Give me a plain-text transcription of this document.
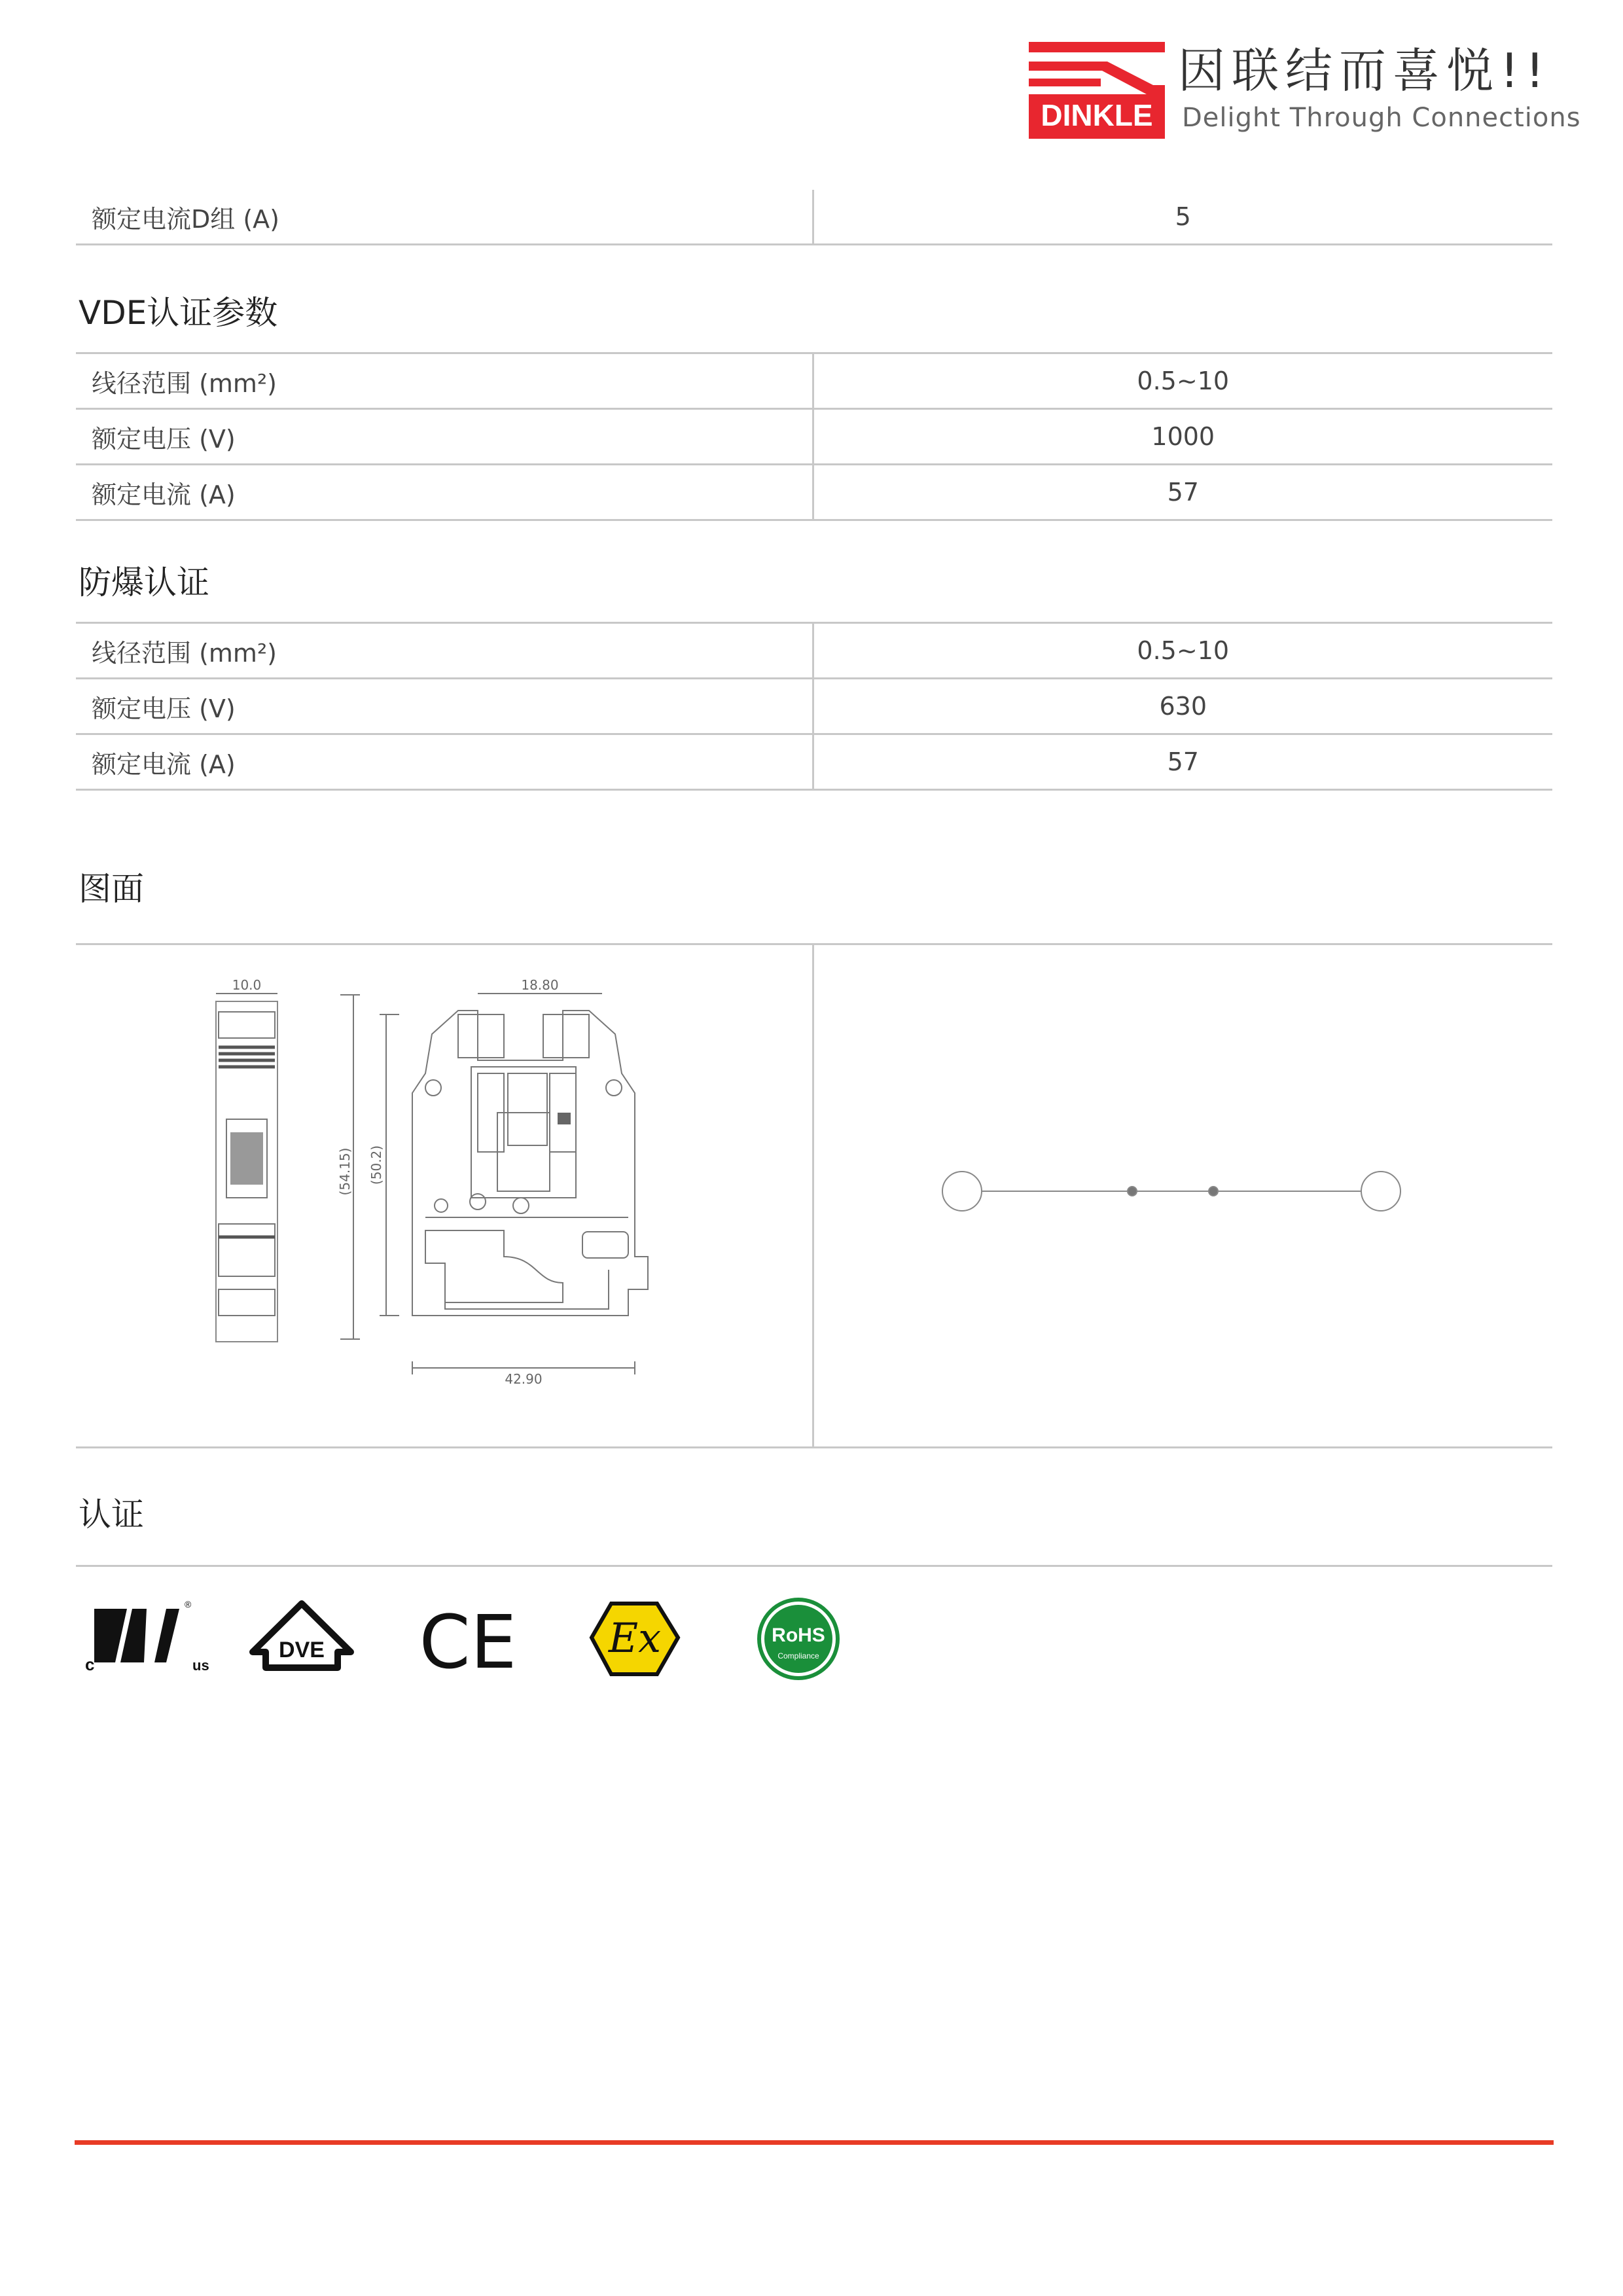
DINKLE
因联结而喜悦!!
Delight Through Connections
额定电流D组 (A)	5
VDE认证参数
线径范围 (mm²)	0.5~10
额定电压 (V)	1000
额定电流 (A)	57
防爆认证
线径范围 (mm²)	0.5~10
额定电压 (V)	630
额定电流 (A)	57
图面
10.0
(54.15) (50.2)
18.80
42.90
认证
c	us
®
DVE CE Ex	RoHS
Compliance
